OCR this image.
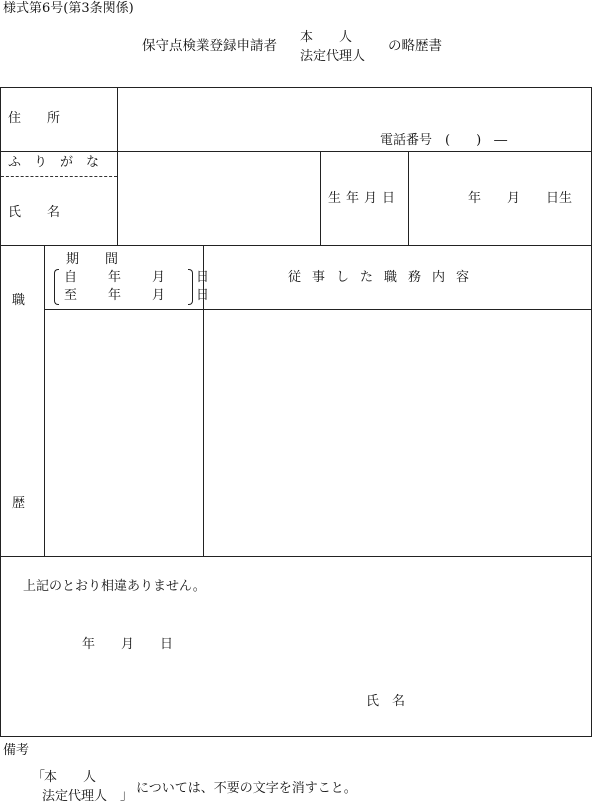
様式第6号(第3条関係)
保守点検業登録申請者
本　　人
法定代理人
の略歴書
住　　所
電話番号　(　　)　―
ふりがな
氏　　名
生年月日	年　　月　　日生
職
歴
期　　間
自　年　月　日
至　年　月　日
従事した職務内容
上記のとおり相違ありません。
年　　月　　日
氏　名
備考
「
本　　人
法定代理人 」 については、不要の文字を消すこと。
